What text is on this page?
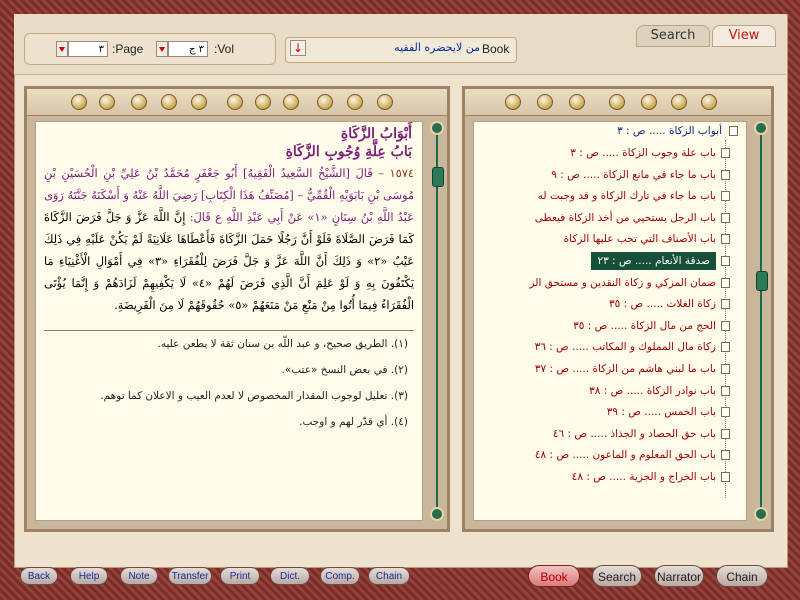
٣ :Page	٣ ج :Vol	↓	من لايحضره الفقيه Book
Search	View
أَبْوَابُ الزَّكَاةِ
بَابُ عِلَّةِ وُجُوبِ الزَّكَاةِ
١٥٧٤ – قَالَ [الشَّيْخُ السَّعِيدُ الْفَقِيهُ] أَبُو جَعْفَرٍ مُحَمَّدُ بْنُ عَلِيِّ بْنِ الْحُسَيْنِ بْنِ مُوسَى بْنِ بَابَوَيْهِ الْقُمِّيُّ – [مُصَنِّفُ هَذَا الْكِتَابِ] رَضِيَ اللَّهُ عَنْهُ وَ أَسْكَنَهُ جَنَّتَهُ رَوَى عَبْدُ اللَّهِ بْنُ سِنَانٍ «١» عَنْ أَبِي عَبْدِ اللَّهِ ع قَالَ: إِنَّ اللَّهَ عَزَّ وَ جَلَّ فَرَضَ الزَّكَاةَ كَمَا فَرَضَ الصَّلَاةَ فَلَوْ أَنَّ رَجُلًا حَمَلَ الزَّكَاةَ فَأَعْطَاهَا عَلَانِيَةً لَمْ يَكُنْ عَلَيْهِ فِي ذَلِكَ عَيْبٌ «٢» وَ ذَلِكَ أَنَّ اللَّهَ عَزَّ وَ جَلَّ فَرَضَ لِلْفُقَرَاءِ «٣» فِي أَمْوَالِ الْأَغْنِيَاءِ مَا يَكْتَفُونَ بِهِ وَ لَوْ عَلِمَ أَنَّ الَّذِي فَرَضَ لَهُمْ «٤» لَا يَكْفِيهِمْ لَزَادَهُمْ وَ إِنَّمَا يُؤْتَى الْفُقَرَاءُ فِيمَا أُتُوا مِنْ مَنْعِ مَنْ مَنَعَهُمْ «٥» حُقُوقَهُمْ لَا مِنَ الْفَرِيضَةِ.
(١). الطريق صحيح، و عبد اللّه بن سنان ثقة لا يطعن عليه.
(٢). في بعض النسخ «عتب».
(٣). تعليل لوجوب المقدار المخصوص لا لعدم العيب و الاعلان كما توهم.
(٤). أي قدّر لهم و اوجب.
أبواب الزكاة ..... ص : ٣
باب علة وجوب الزكاة ..... ص : ٣
باب ما جاء في مانع الزكاة ..... ص : ٩
باب ما جاء في تارك الزكاة و قد وجبت له
باب الرجل يستحيي من أخذ الزكاة فيعطى
باب الأصناف التي تجب عليها الزكاة
صدقة الأنعام ..... ص : ٢٣
ضمان المزكي و زكاة النقدين و مستحق الز
زكاة الغلات ..... ص : ٣٥
الحج من مال الزكاة ..... ص : ٣٥
زكاة مال المملوك و المكاتب ..... ص : ٣٦
باب ما لبني هاشم من الزكاة ..... ص : ٣٧
باب نوادر الزكاة ..... ص : ٣٨
باب الخمس ..... ص : ٣٩
باب حق الحصاد و الجذاذ ..... ص : ٤٦
باب الحق المعلوم و الماعون ..... ص : ٤٨
باب الخراج و الجزية ..... ص : ٤٨
Back	Help	Note	Transfer	Print	Dict.	Comp.	Chain	Book	Search	Narrator	Chain
